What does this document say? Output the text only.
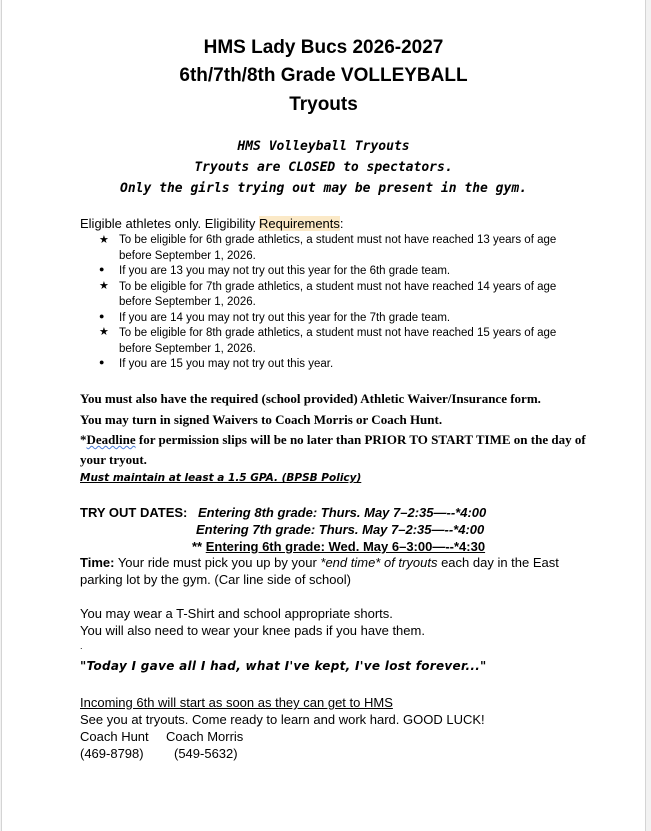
HMS Lady Bucs 2026-2027
6th/7th/8th Grade VOLLEYBALL
Tryouts
HMS Volleyball Tryouts
Tryouts are CLOSED to spectators.
Only the girls trying out may be present in the gym.
Eligible athletes only. Eligibility Requirements:
★ To be eligible for 6th grade athletics, a student must not have reached 13 years of age
before September 1, 2026.
● If you are 13 you may not try out this year for the 6th grade team.
★ To be eligible for 7th grade athletics, a student must not have reached 14 years of age
before September 1, 2026.
● If you are 14 you may not try out this year for the 7th grade team.
★ To be eligible for 8th grade athletics, a student must not have reached 15 years of age
before September 1, 2026.
● If you are 15 you may not try out this year.
You must also have the required (school provided) Athletic Waiver/Insurance form.
You may turn in signed Waivers to Coach Morris or Coach Hunt.
*Deadline for permission slips will be no later than PRIOR TO START TIME on the day of
your tryout.
Must maintain at least a 1.5 GPA. (BPSB Policy)
TRY OUT DATES: Entering 8th grade: Thurs. May 7–2:35—--*4:00
Entering 7th grade: Thurs. May 7–2:35—--*4:00
** Entering 6th grade: Wed. May 6–3:00—--*4:30
Time: Your ride must pick you up by your *end time* of tryouts each day in the East
parking lot by the gym. (Car line side of school)
You may wear a T-Shirt and school appropriate shorts.
You will also need to wear your knee pads if you have them.
.
"Today I gave all I had, what I've kept, I've lost forever..."
Incoming 6th will start as soon as they can get to HMS
See you at tryouts. Come ready to learn and work hard. GOOD LUCK!
Coach Hunt Coach Morris
(469-8798) (549-5632)
